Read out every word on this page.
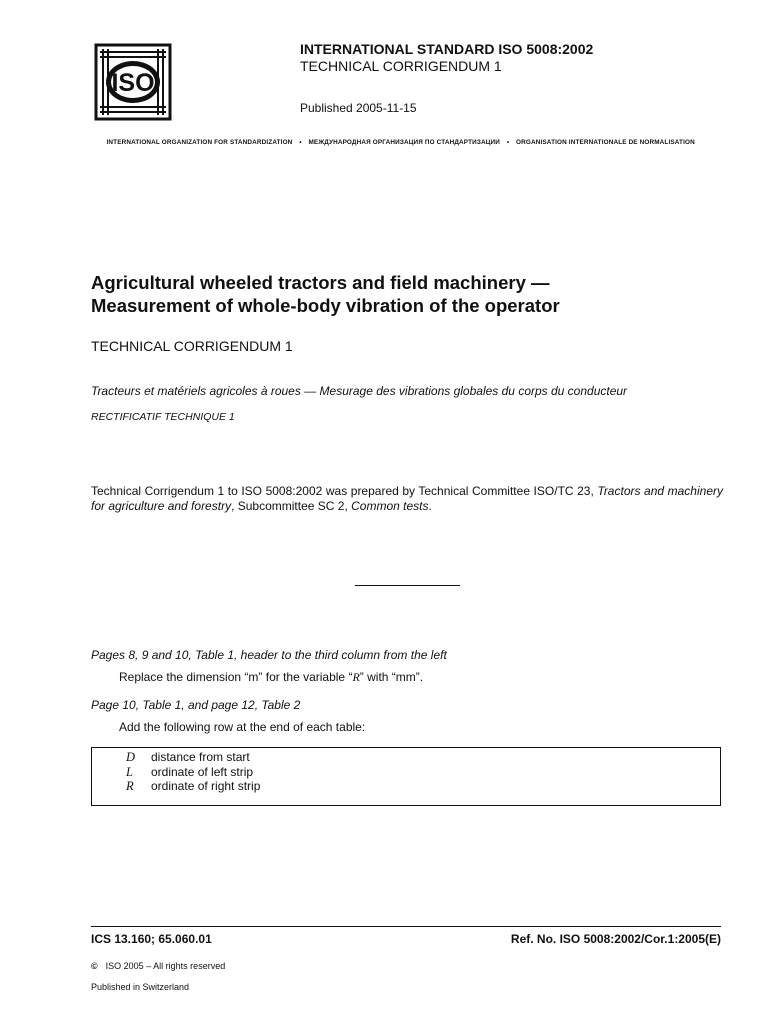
ISO
INTERNATIONAL STANDARD ISO 5008:2002
TECHNICAL CORRIGENDUM 1
Published 2005-11-15
INTERNATIONAL ORGANIZATION FOR STANDARDIZATION • МЕЖДУНАРОДНАЯ ОРГАНИЗАЦИЯ ПО СТАНДАРТИЗАЦИИ • ORGANISATION INTERNATIONALE DE NORMALISATION
Agricultural wheeled tractors and field machinery —
Measurement of whole-body vibration of the operator
TECHNICAL CORRIGENDUM 1
Tracteurs et matériels agricoles à roues — Mesurage des vibrations globales du corps du conducteur
RECTIFICATIF TECHNIQUE 1
Technical Corrigendum 1 to ISO 5008:2002 was prepared by Technical Committee ISO/TC 23, Tractors and machinery for agriculture and forestry, Subcommittee SC 2, Common tests.
Pages 8, 9 and 10, Table 1, header to the third column from the left
Replace the dimension “m” for the variable “R” with “mm”.
Page 10, Table 1, and page 12, Table 2
Add the following row at the end of each table:
D distance from start
L ordinate of left strip
R ordinate of right strip
ICS 13.160; 65.060.01	Ref. No. ISO 5008:2002/Cor.1:2005(E)
© ISO 2005 – All rights reserved
Published in Switzerland
